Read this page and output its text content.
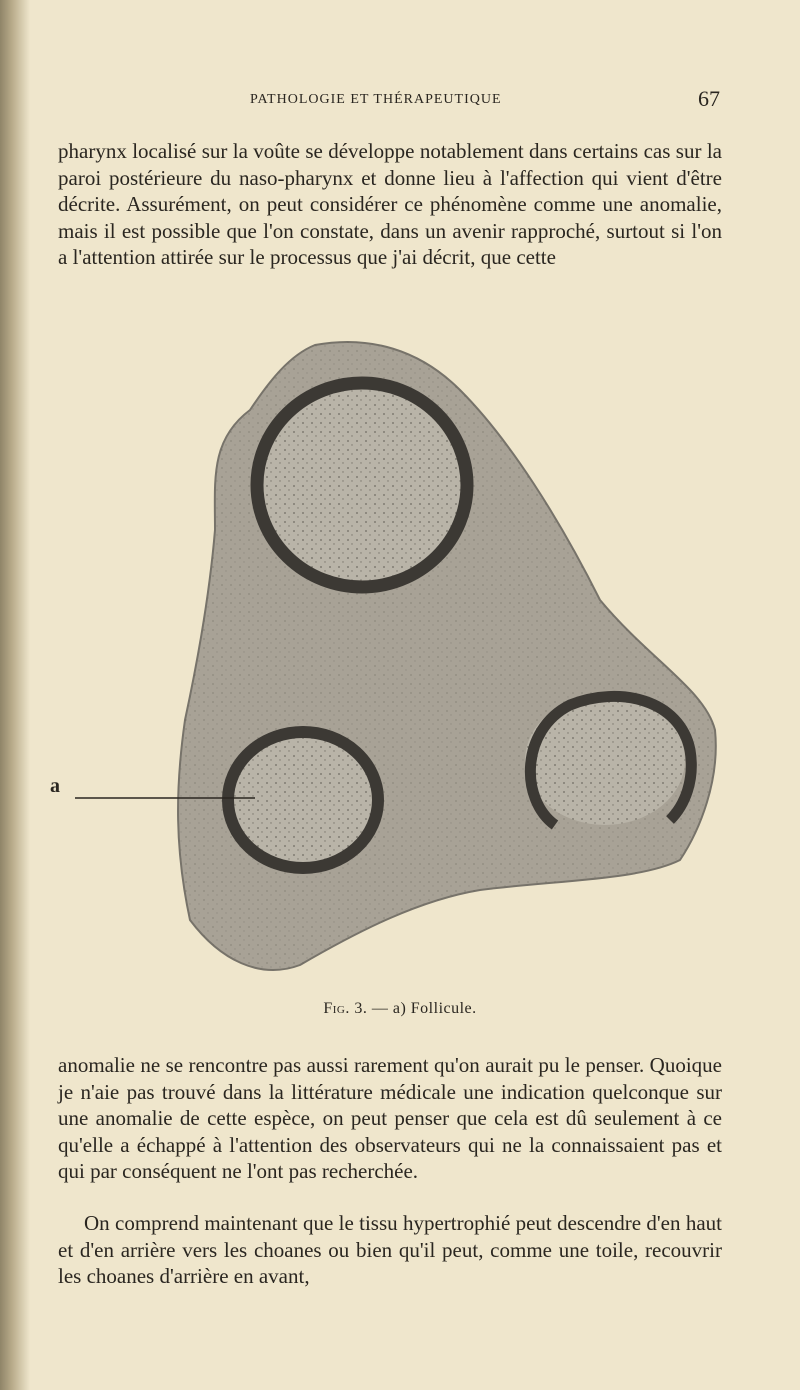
PATHOLOGIE ET THÉRAPEUTIQUE	67

pharynx localisé sur la voûte se développe notablement dans certains cas sur la paroi postérieure du naso-pharynx et donne lieu à l'affection qui vient d'être décrite. Assurément, on peut considérer ce phénomène comme une anomalie, mais il est possible que l'on constate, dans un avenir rapproché, surtout si l'on a l'attention attirée sur le processus que j'ai décrit, que cette

a
Fig. 3. — a) Follicule.

anomalie ne se rencontre pas aussi rarement qu'on aurait pu le penser. Quoique je n'aie pas trouvé dans la littérature médicale une indication quelconque sur une anomalie de cette espèce, on peut penser que cela est dû seulement à ce qu'elle a échappé à l'attention des observateurs qui ne la connaissaient pas et qui par conséquent ne l'ont pas recherchée.

On comprend maintenant que le tissu hypertrophié peut descendre d'en haut et d'en arrière vers les choanes ou bien qu'il peut, comme une toile, recouvrir les choanes d'arrière en avant,
